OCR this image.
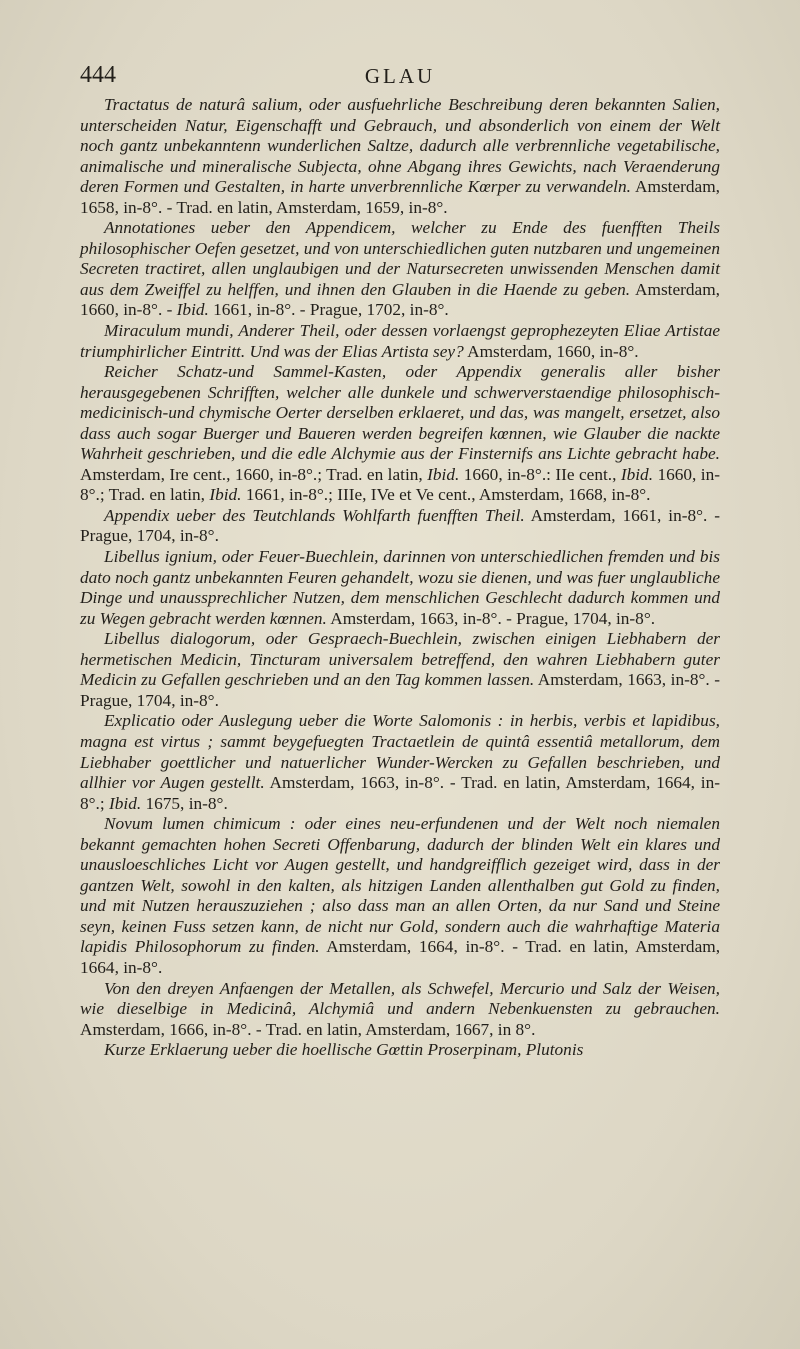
444	GLAU

Tractatus de naturâ salium, oder ausfuehrliche Beschreibung deren bekannten Salien, unterscheiden Natur, Eigenschafft und Gebrauch, und absonderlich von einem der Welt noch gantz unbekanntenn wunderlichen Saltze, dadurch alle verbrennliche vegetabilische, animalische und mineralische Subjecta, ohne Abgang ihres Gewichts, nach Veraenderung deren Formen und Gestalten, in harte unverbrennliche Kœrper zu verwandeln. Amsterdam, 1658, in-8°. - Trad. en latin, Amsterdam, 1659, in-8°.

Annotationes ueber den Appendicem, welcher zu Ende des fuenfften Theils philosophischer Oefen gesetzet, und von unterschiedlichen guten nutzbaren und ungemeinen Secreten tractiret, allen unglaubigen und der Natursecreten unwissenden Menschen damit aus dem Zweiffel zu helffen, und ihnen den Glauben in die Haende zu geben. Amsterdam, 1660, in-8°. - Ibid. 1661, in-8°. - Prague, 1702, in-8°.

Miraculum mundi, Anderer Theil, oder dessen vorlaengst geprophezeyten Eliae Artistae triumphirlicher Eintritt. Und was der Elias Artista sey? Amsterdam, 1660, in-8°.

Reicher Schatz-und Sammel-Kasten, oder Appendix generalis aller bisher herausgegebenen Schrifften, welcher alle dunkele und schwerverstaendige philosophisch-medicinisch-und chymische Oerter derselben erklaeret, und das, was mangelt, ersetzet, also dass auch sogar Buerger und Baueren werden begreifen kœnnen, wie Glauber die nackte Wahrheit geschrieben, und die edle Alchymie aus der Finsternifs ans Lichte gebracht habe. Amsterdam, Ire cent., 1660, in-8°.; Trad. en latin, Ibid. 1660, in-8°.: IIe cent., Ibid. 1660, in-8°.; Trad. en latin, Ibid. 1661, in-8°.; IIIe, IVe et Ve cent., Amsterdam, 1668, in-8°.

Appendix ueber des Teutchlands Wohlfarth fuenfften Theil. Amsterdam, 1661, in-8°. - Prague, 1704, in-8°.

Libellus ignium, oder Feuer-Buechlein, darinnen von unterschiedlichen fremden und bis dato noch gantz unbekannten Feuren gehandelt, wozu sie dienen, und was fuer unglaubliche Dinge und unaussprechlicher Nutzen, dem menschlichen Geschlecht dadurch kommen und zu Wegen gebracht werden kœnnen. Amsterdam, 1663, in-8°. - Prague, 1704, in-8°.

Libellus dialogorum, oder Gespraech-Buechlein, zwischen einigen Liebhabern der hermetischen Medicin, Tincturam universalem betreffend, den wahren Liebhabern guter Medicin zu Gefallen geschrieben und an den Tag kommen lassen. Amsterdam, 1663, in-8°. - Prague, 1704, in-8°.

Explicatio oder Auslegung ueber die Worte Salomonis : in herbis, verbis et lapidibus, magna est virtus ; sammt beygefuegten Tractaetlein de quintâ essentiâ metallorum, dem Liebhaber goettlicher und natuerlicher Wunder-Wercken zu Gefallen beschrieben, und allhier vor Augen gestellt. Amsterdam, 1663, in-8°. - Trad. en latin, Amsterdam, 1664, in-8°.; Ibid. 1675, in-8°.

Novum lumen chimicum : oder eines neu-erfundenen und der Welt noch niemalen bekannt gemachten hohen Secreti Offenbarung, dadurch der blinden Welt ein klares und unausloeschliches Licht vor Augen gestellt, und handgreifflich gezeiget wird, dass in der gantzen Welt, sowohl in den kalten, als hitzigen Landen allenthalben gut Gold zu finden, und mit Nutzen herauszuziehen ; also dass man an allen Orten, da nur Sand und Steine seyn, keinen Fuss setzen kann, de nicht nur Gold, sondern auch die wahrhaftige Materia lapidis Philosophorum zu finden. Amsterdam, 1664, in-8°. - Trad. en latin, Amsterdam, 1664, in-8°.

Von den dreyen Anfaengen der Metallen, als Schwefel, Mercurio und Salz der Weisen, wie dieselbige in Medicinâ, Alchymiâ und andern Nebenkuensten zu gebrauchen. Amsterdam, 1666, in-8°. - Trad. en latin, Amsterdam, 1667, in 8°.

Kurze Erklaerung ueber die hoellische Gœttin Proserpinam, Plutonis
